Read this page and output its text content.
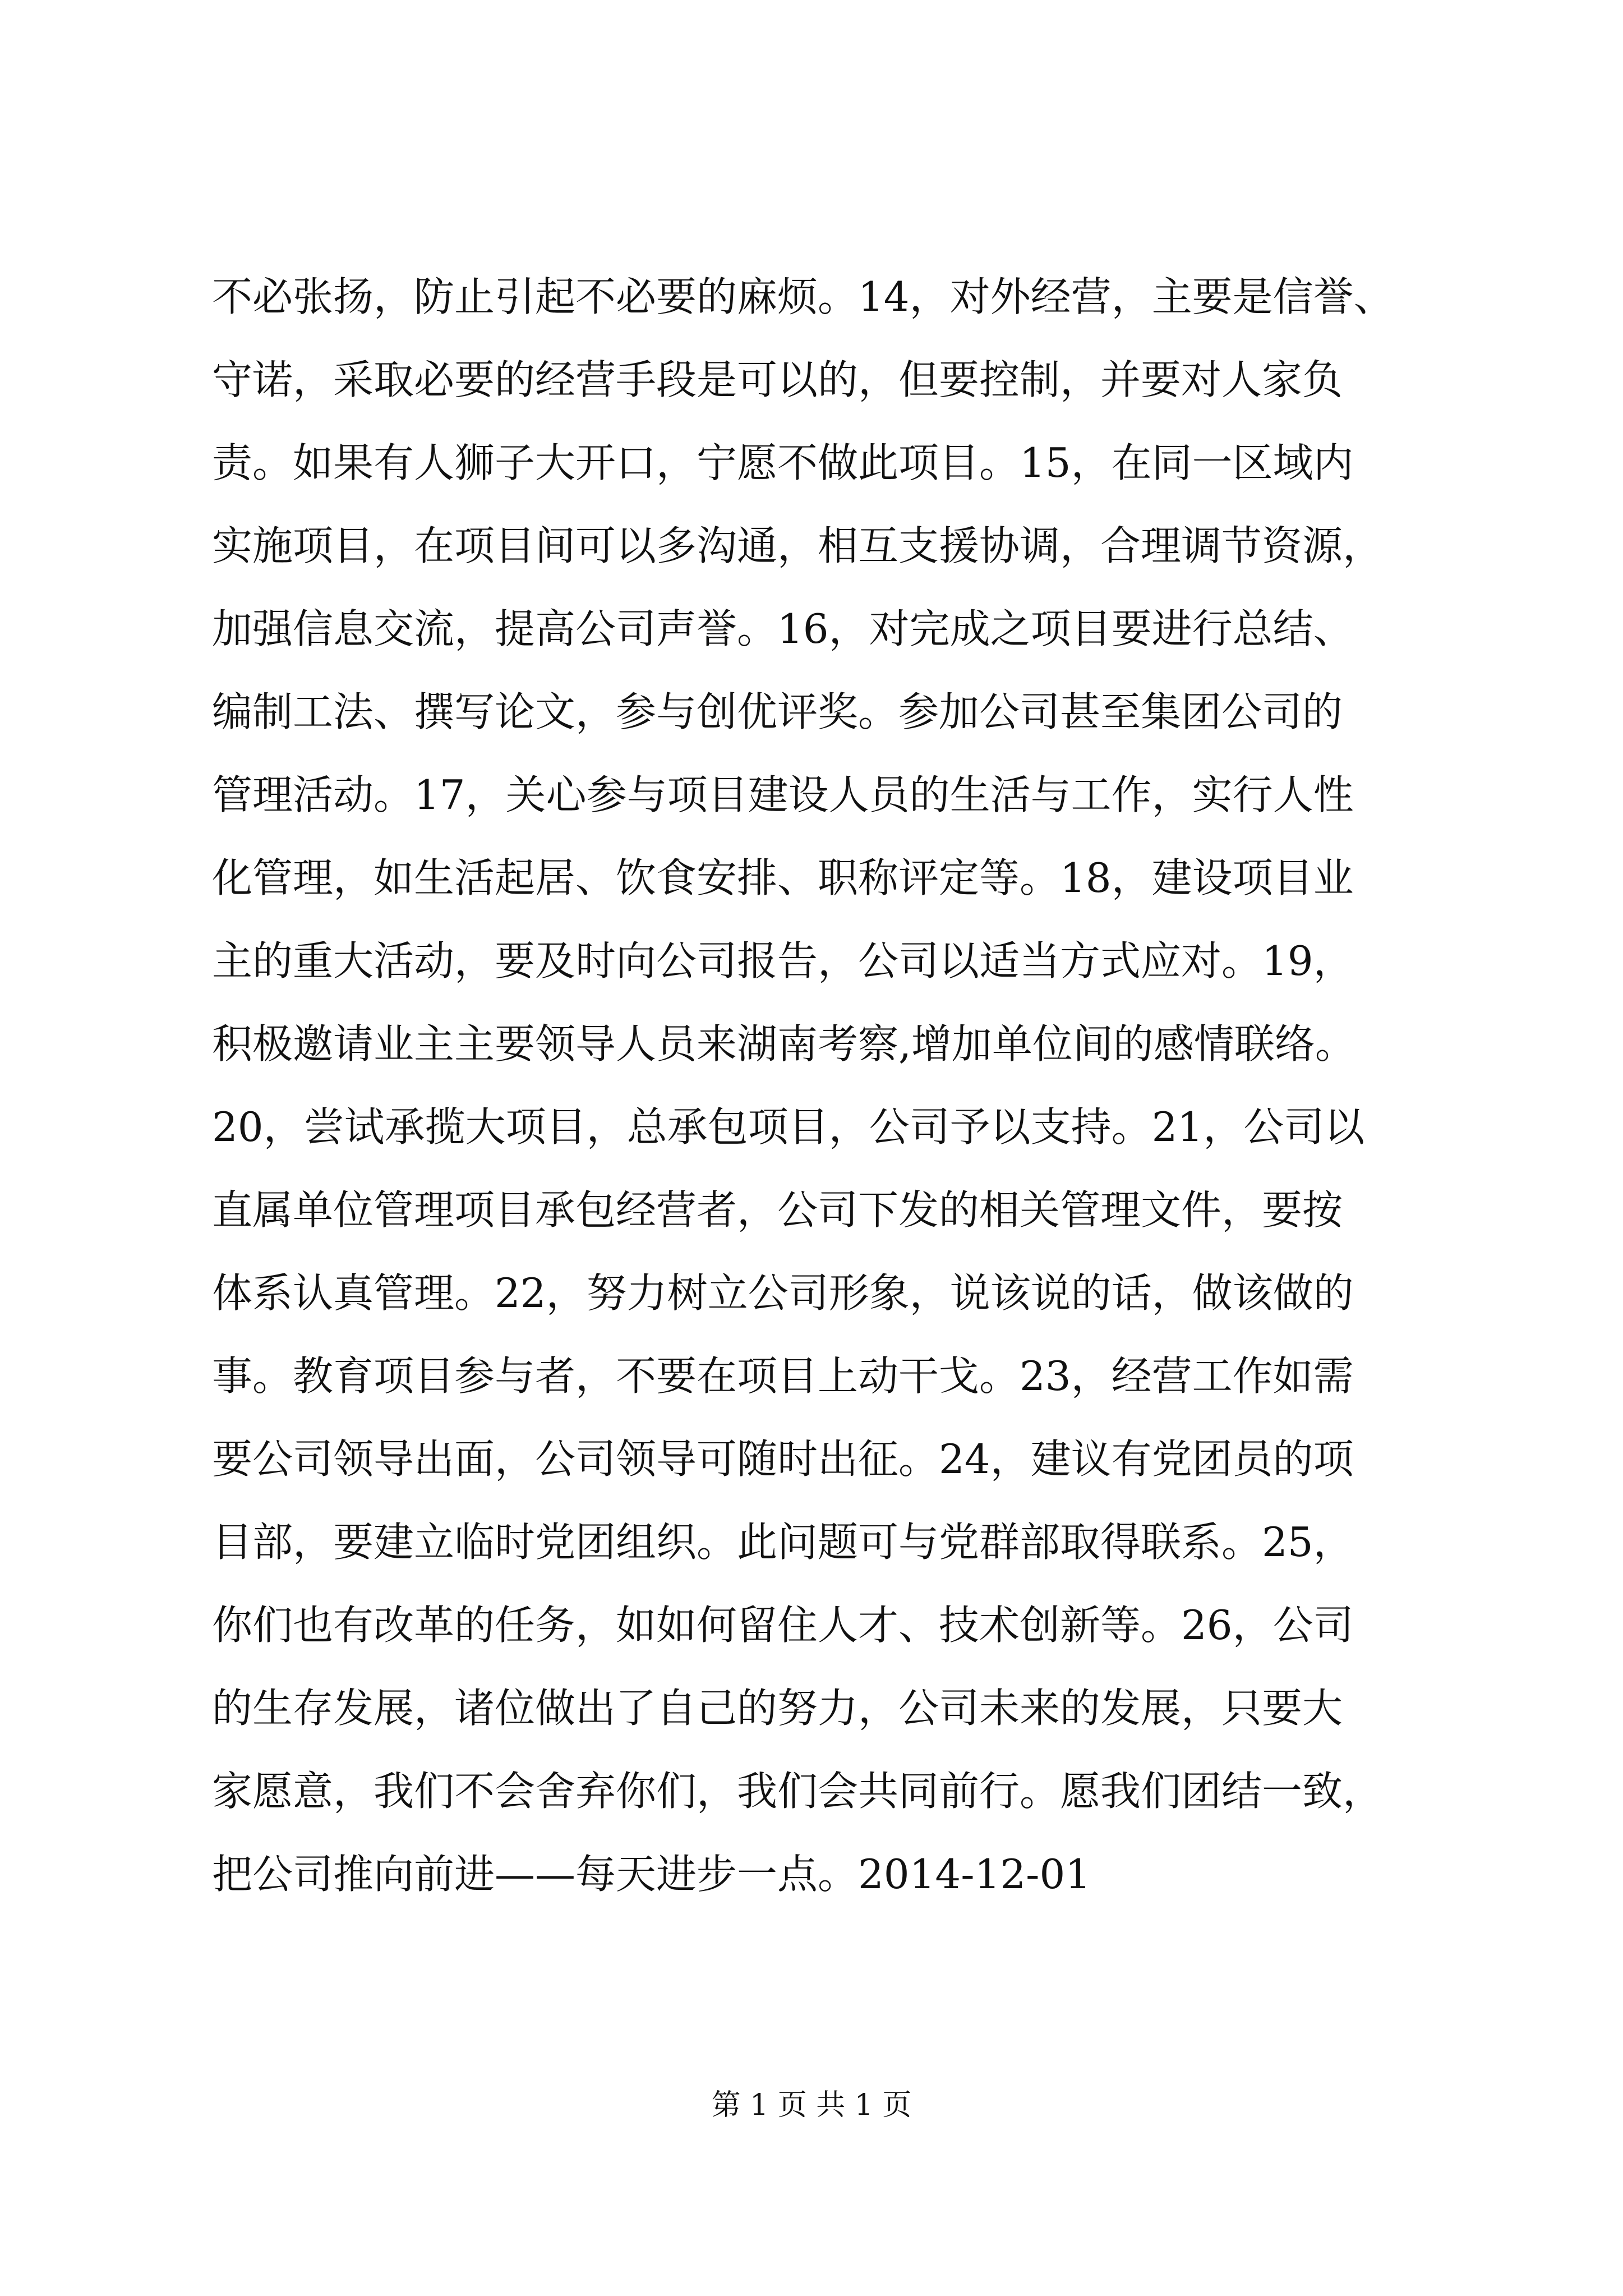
不必张扬，防止引起不必要的麻烦。14，对外经营，主要是信誉、
守诺，采取必要的经营手段是可以的，但要控制，并要对人家负
责。如果有人狮子大开口，宁愿不做此项目。15，在同一区域内
实施项目，在项目间可以多沟通，相互支援协调，合理调节资源，
加强信息交流，提高公司声誉。16，对完成之项目要进行总结、
编制工法、撰写论文，参与创优评奖。参加公司甚至集团公司的
管理活动。17，关心参与项目建设人员的生活与工作，实行人性
化管理，如生活起居、饮食安排、职称评定等。18，建设项目业
主的重大活动，要及时向公司报告，公司以适当方式应对。19，
积极邀请业主主要领导人员来湖南考察,增加单位间的感情联络。
20，尝试承揽大项目，总承包项目，公司予以支持。21，公司以
直属单位管理项目承包经营者，公司下发的相关管理文件，要按
体系认真管理。22，努力树立公司形象，说该说的话，做该做的
事。教育项目参与者，不要在项目上动干戈。23，经营工作如需
要公司领导出面，公司领导可随时出征。24，建议有党团员的项
目部，要建立临时党团组织。此问题可与党群部取得联系。25，
你们也有改革的任务，如如何留住人才、技术创新等。26，公司
的生存发展，诸位做出了自己的努力，公司未来的发展，只要大
家愿意，我们不会舍弃你们，我们会共同前行。愿我们团结一致，
把公司推向前进——每天进步一点。2014-12-01
第 1 页 共 1 页
